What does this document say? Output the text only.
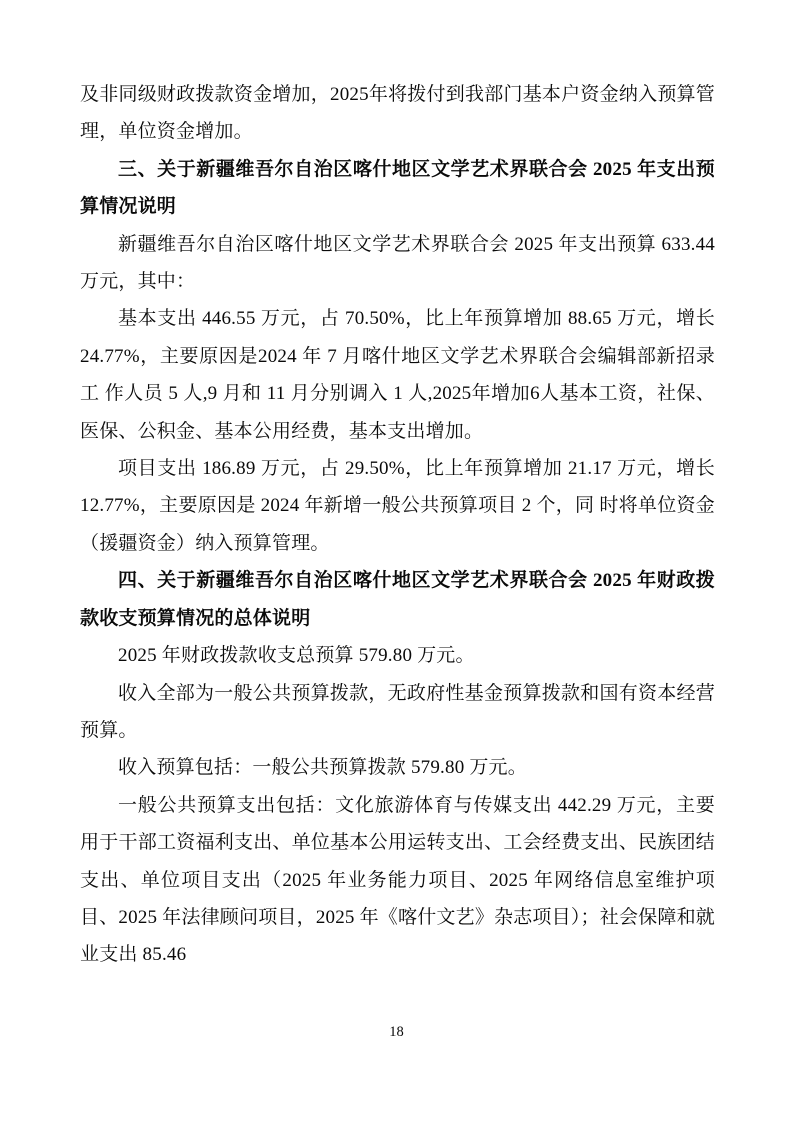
及非同级财政拨款资金增加，2025年将拨付到我部门基本户资金纳入预算管理，单位资金增加。

三、关于新疆维吾尔自治区喀什地区文学艺术界联合会 2025 年支出预算情况说明

新疆维吾尔自治区喀什地区文学艺术界联合会 2025 年支出预算 633.44 万元，其中：

基本支出 446.55 万元，占 70.50%，比上年预算增加 88.65 万元，增长 24.77%，主要原因是2024 年 7 月喀什地区文学艺术界联合会编辑部新招录工 作人员 5 人,9 月和 11 月分别调入 1 人,2025年增加6人基本工资，社保、医保、公积金、基本公用经费，基本支出增加。

项目支出 186.89 万元，占 29.50%，比上年预算增加 21.17 万元，增长 12.77%，主要原因是 2024 年新增一般公共预算项目 2 个，同 时将单位资金（援疆资金）纳入预算管理。

四、关于新疆维吾尔自治区喀什地区文学艺术界联合会 2025 年财政拨款收支预算情况的总体说明

2025 年财政拨款收支总预算 579.80 万元。

收入全部为一般公共预算拨款，无政府性基金预算拨款和国有资本经营预算。

收入预算包括：一般公共预算拨款 579.80 万元。

一般公共预算支出包括：文化旅游体育与传媒支出 442.29 万元，主要用于干部工资福利支出、单位基本公用运转支出、工会经费支出、民族团结支出、单位项目支出（2025 年业务能力项目、2025 年网络信息室维护项目、2025 年法律顾问项目，2025 年《喀什文艺》杂志项目）；社会保障和就业支出 85.46

18
